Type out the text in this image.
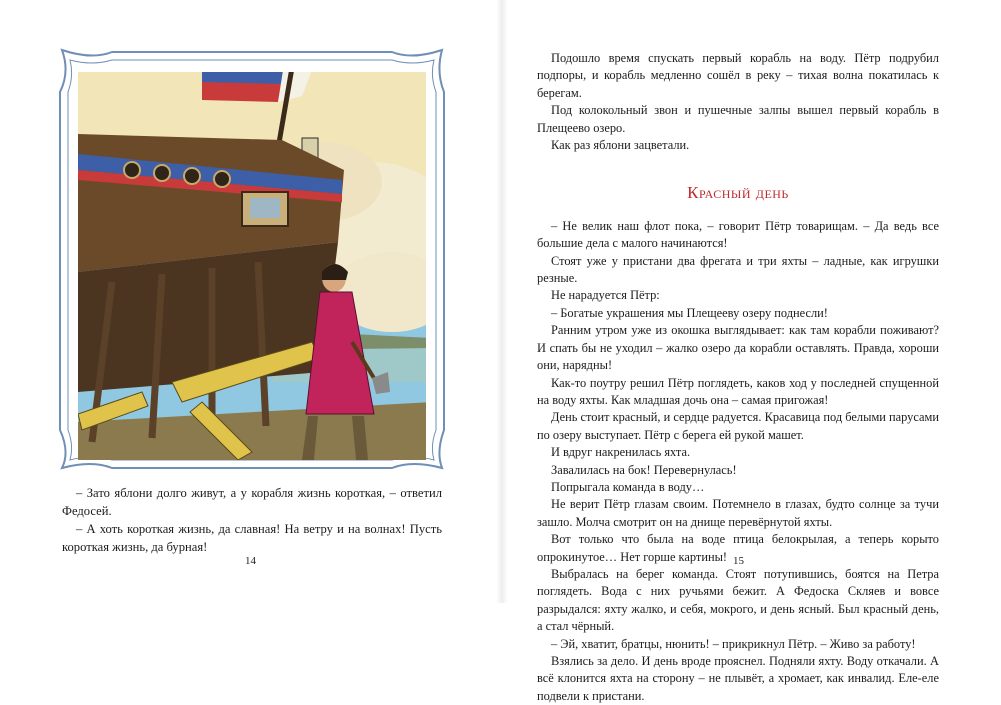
– Зато яблони долго живут, а у корабля жизнь короткая, – ответил Федосей.

– А хоть короткая жизнь, да славная! На ветру и на волнах! Пусть короткая жизнь, да бурная!

14

Подошло время спускать первый корабль на воду. Пётр подрубил подпоры, и корабль медленно сошёл в реку – тихая волна покатилась к берегам.

Под колокольный звон и пушечные залпы вышел первый корабль в Плещеево озеро.

Как раз яблони зацветали.

Красный день

– Не велик наш флот пока, – говорит Пётр товарищам. – Да ведь все большие дела с малого начинаются!

Стоят уже у пристани два фрегата и три яхты – ладные, как игрушки резные.

Не нарадуется Пётр:

– Богатые украшения мы Плещееву озеру поднесли!

Ранним утром уже из окошка выглядывает: как там корабли поживают? И спать бы не уходил – жалко озеро да корабли оставлять. Правда, хороши они, нарядны!

Как-то поутру решил Пётр поглядеть, каков ход у последней спущенной на воду яхты. Как младшая дочь она – самая пригожая!

День стоит красный, и сердце радуется. Красавица под белыми парусами по озеру выступает. Пётр с берега ей рукой машет.

И вдруг накренилась яхта.

Завалилась на бок! Перевернулась!

Попрыгала команда в воду…

Не верит Пётр глазам своим. Потемнело в глазах, будто солнце за тучи зашло. Молча смотрит он на днище перевёрнутой яхты.

Вот только что была на воде птица белокрылая, а теперь корыто опрокинутое… Нет горше картины!

Выбралась на берег команда. Стоят потупившись, боятся на Петра поглядеть. Вода с них ручьями бежит. А Федоска Скляев и вовсе разрыдался: яхту жалко, и себя, мокрого, и день ясный. Был красный день, а стал чёрный.

– Эй, хватит, братцы, нюнить! – прикрикнул Пётр. – Живо за работу!

Взялись за дело. И день вроде прояснел. Подняли яхту. Воду откачали. А всё клонится яхта на сторону – не плывёт, а хромает, как инвалид. Еле-еле подвели к пристани.

15
